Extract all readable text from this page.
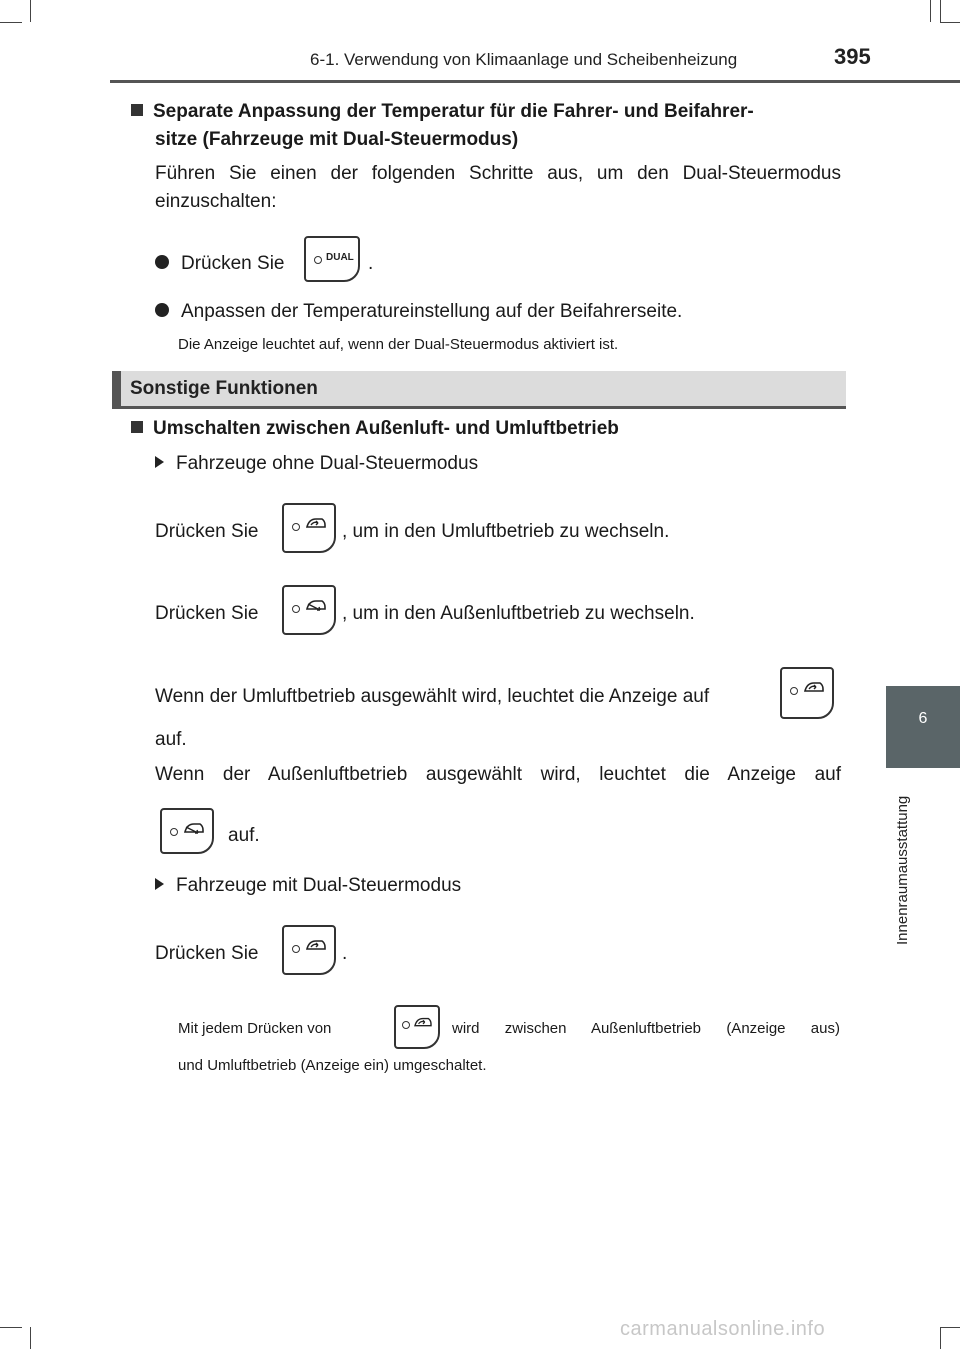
6-1. Verwendung von Klimaanlage und Scheibenheizung	395
6
Innenraumausstattung
Separate Anpassung der Temperatur für die Fahrer- und Beifahrer-
sitze (Fahrzeuge mit Dual-Steuermodus)
Führen Sie einen der folgenden Schritte aus, um den Dual-Steuermodus
einzuschalten:
Drücken Sie	DUAL .
Anpassen der Temperatureinstellung auf der Beifahrerseite.
Die Anzeige leuchtet auf, wenn der Dual-Steuermodus aktiviert ist.
Sonstige Funktionen
Umschalten zwischen Außenluft- und Umluftbetrieb
Fahrzeuge ohne Dual-Steuermodus
Drücken Sie	, um in den Umluftbetrieb zu wechseln.
Drücken Sie	, um in den Außenluftbetrieb zu wechseln.
Wenn der Umluftbetrieb ausgewählt wird, leuchtet die Anzeige auf
auf.
Wenn der Außenluftbetrieb ausgewählt wird, leuchtet die Anzeige auf
auf.
Fahrzeuge mit Dual-Steuermodus
Drücken Sie	.
Mit jedem Drücken von	wird zwischen Außenluftbetrieb (Anzeige aus)
und Umluftbetrieb (Anzeige ein) umgeschaltet.
carmanualsonline.info
